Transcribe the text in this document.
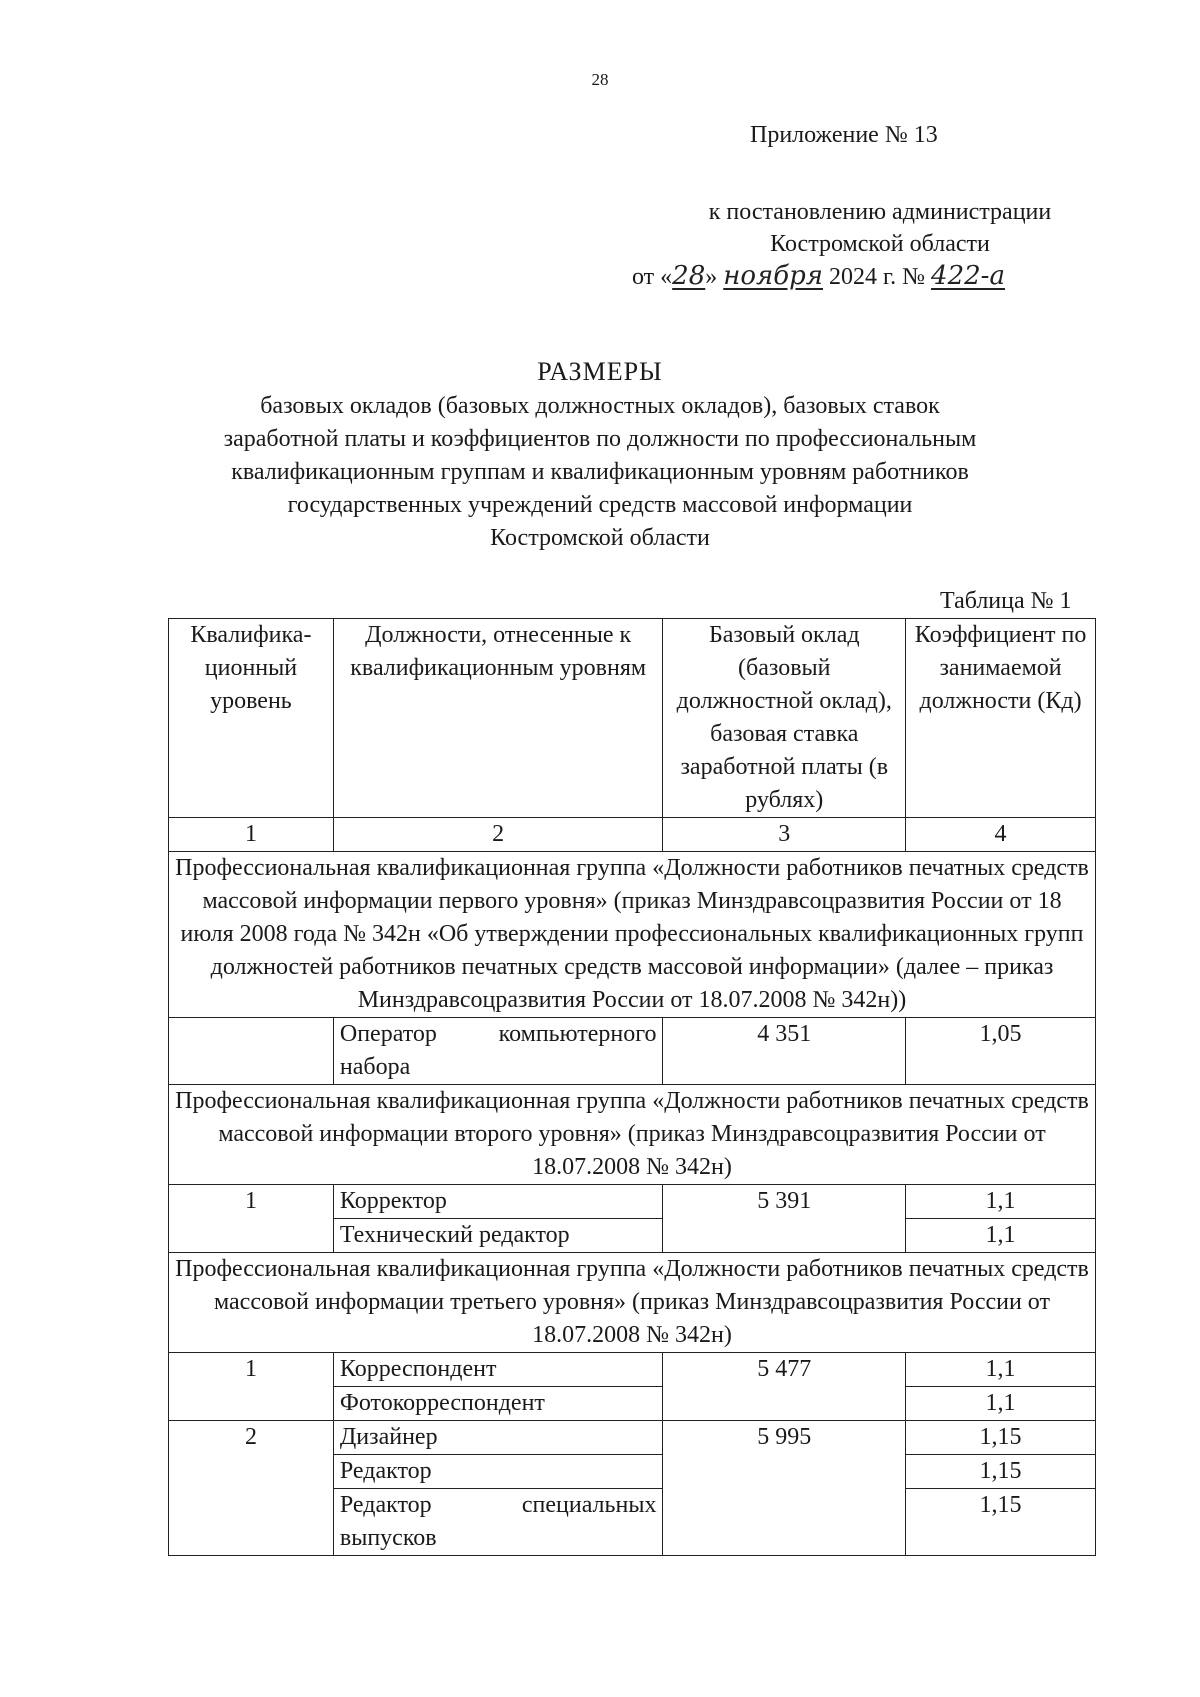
28
Приложение № 13
к постановлению администрации
Костромской области
от «28» ноября 2024 г. № 422-а
РАЗМЕРЫ
базовых окладов (базовых должностных окладов), базовых ставок
заработной платы и коэффициентов по должности по профессиональным
квалификационным группам и квалификационным уровням работников
государственных учреждений средств массовой информации
Костромской области
Таблица № 1
Квалифика-ционный уровень	Должности, отнесенные к квалификационным уровням	Базовый оклад (базовый должностной оклад), базовая ставка заработной платы (в рублях)	Коэффициент по занимаемой должности (Кд)
1	2	3	4
Профессиональная квалификационная группа «Должности работников печатных средств массовой информации первого уровня» (приказ Минздравсоцразвития России от 18 июля 2008 года № 342н «Об утверждении профессиональных квалификационных групп должностей работников печатных средств массовой информации» (далее – приказ Минздравсоцразвития России от 18.07.2008 № 342н))			
	Оператор компьютерного набора	4 351	1,05
Профессиональная квалификационная группа «Должности работников печатных средств массовой информации второго уровня» (приказ Минздравсоцразвития России от 18.07.2008 № 342н)			
1	Корректор	5 391	1,1
	Технический редактор		1,1
Профессиональная квалификационная группа «Должности работников печатных средств массовой информации третьего уровня» (приказ Минздравсоцразвития России от 18.07.2008 № 342н)			
1	Корреспондент	5 477	1,1
	Фотокорреспондент		1,1
2	Дизайнер	5 995	1,15
	Редактор		1,15
	Редактор специальных выпусков		1,15
